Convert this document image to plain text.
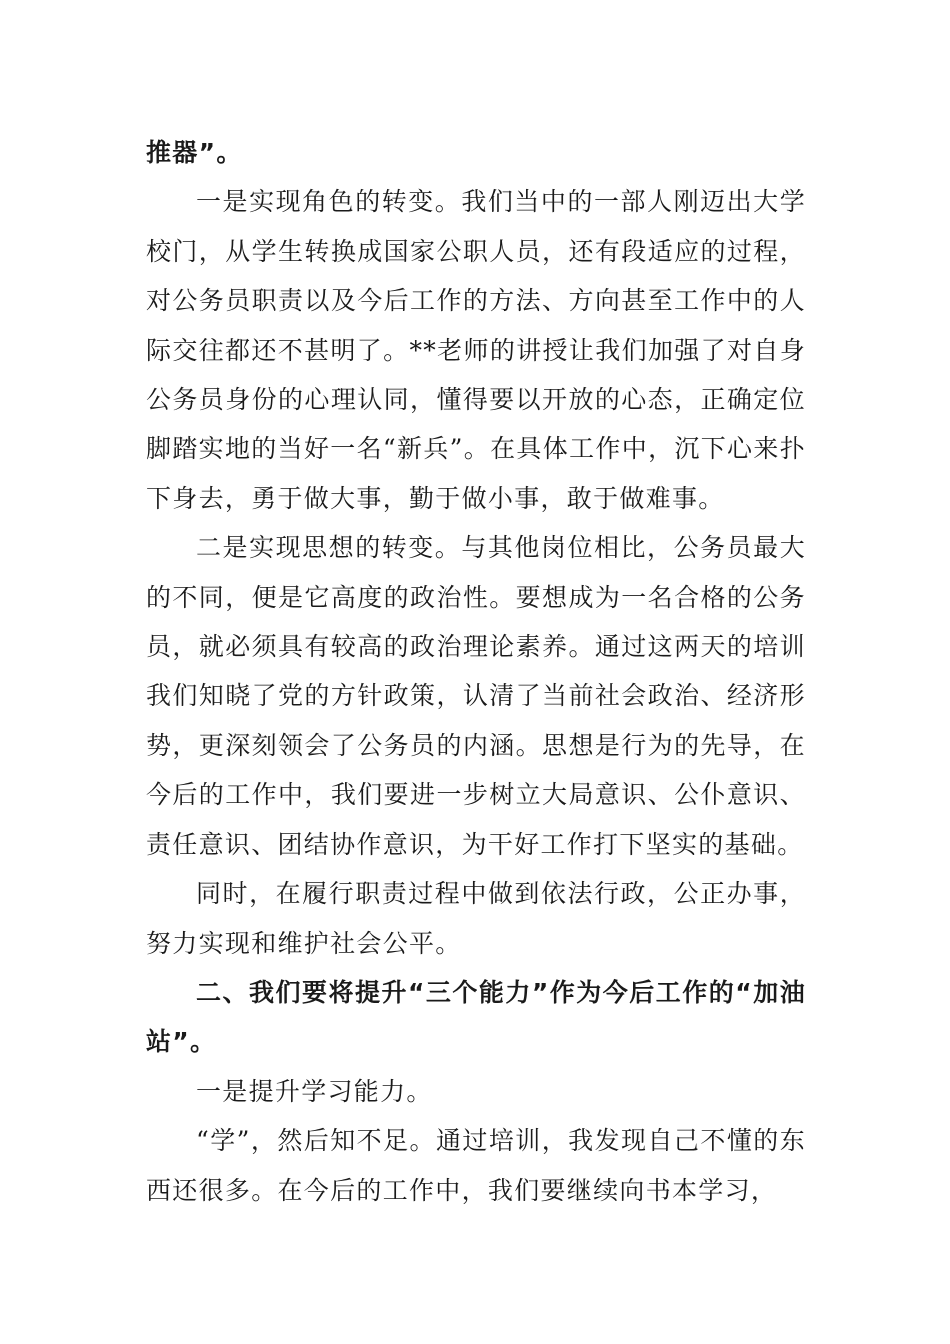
推器”。

一是实现角色的转变。我们当中的一部人刚迈出大学校门，从学生转换成国家公职人员，还有段适应的过程，对公务员职责以及今后工作的方法、方向甚至工作中的人际交往都还不甚明了。**老师的讲授让我们加强了对自身公务员身份的心理认同，懂得要以开放的心态，正确定位脚踏实地的当好一名“新兵”。在具体工作中，沉下心来扑下身去，勇于做大事，勤于做小事，敢于做难事。

二是实现思想的转变。与其他岗位相比，公务员最大的不同，便是它高度的政治性。要想成为一名合格的公务员，就必须具有较高的政治理论素养。通过这两天的培训我们知晓了党的方针政策，认清了当前社会政治、经济形势，更深刻领会了公务员的内涵。思想是行为的先导，在今后的工作中，我们要进一步树立大局意识、公仆意识、责任意识、团结协作意识，为干好工作打下坚实的基础。

同时，在履行职责过程中做到依法行政，公正办事，努力实现和维护社会公平。

二、我们要将提升“三个能力”作为今后工作的“加油站”。

一是提升学习能力。

“学”，然后知不足。通过培训，我发现自己不懂的东西还很多。在今后的工作中，我们要继续向书本学习，
